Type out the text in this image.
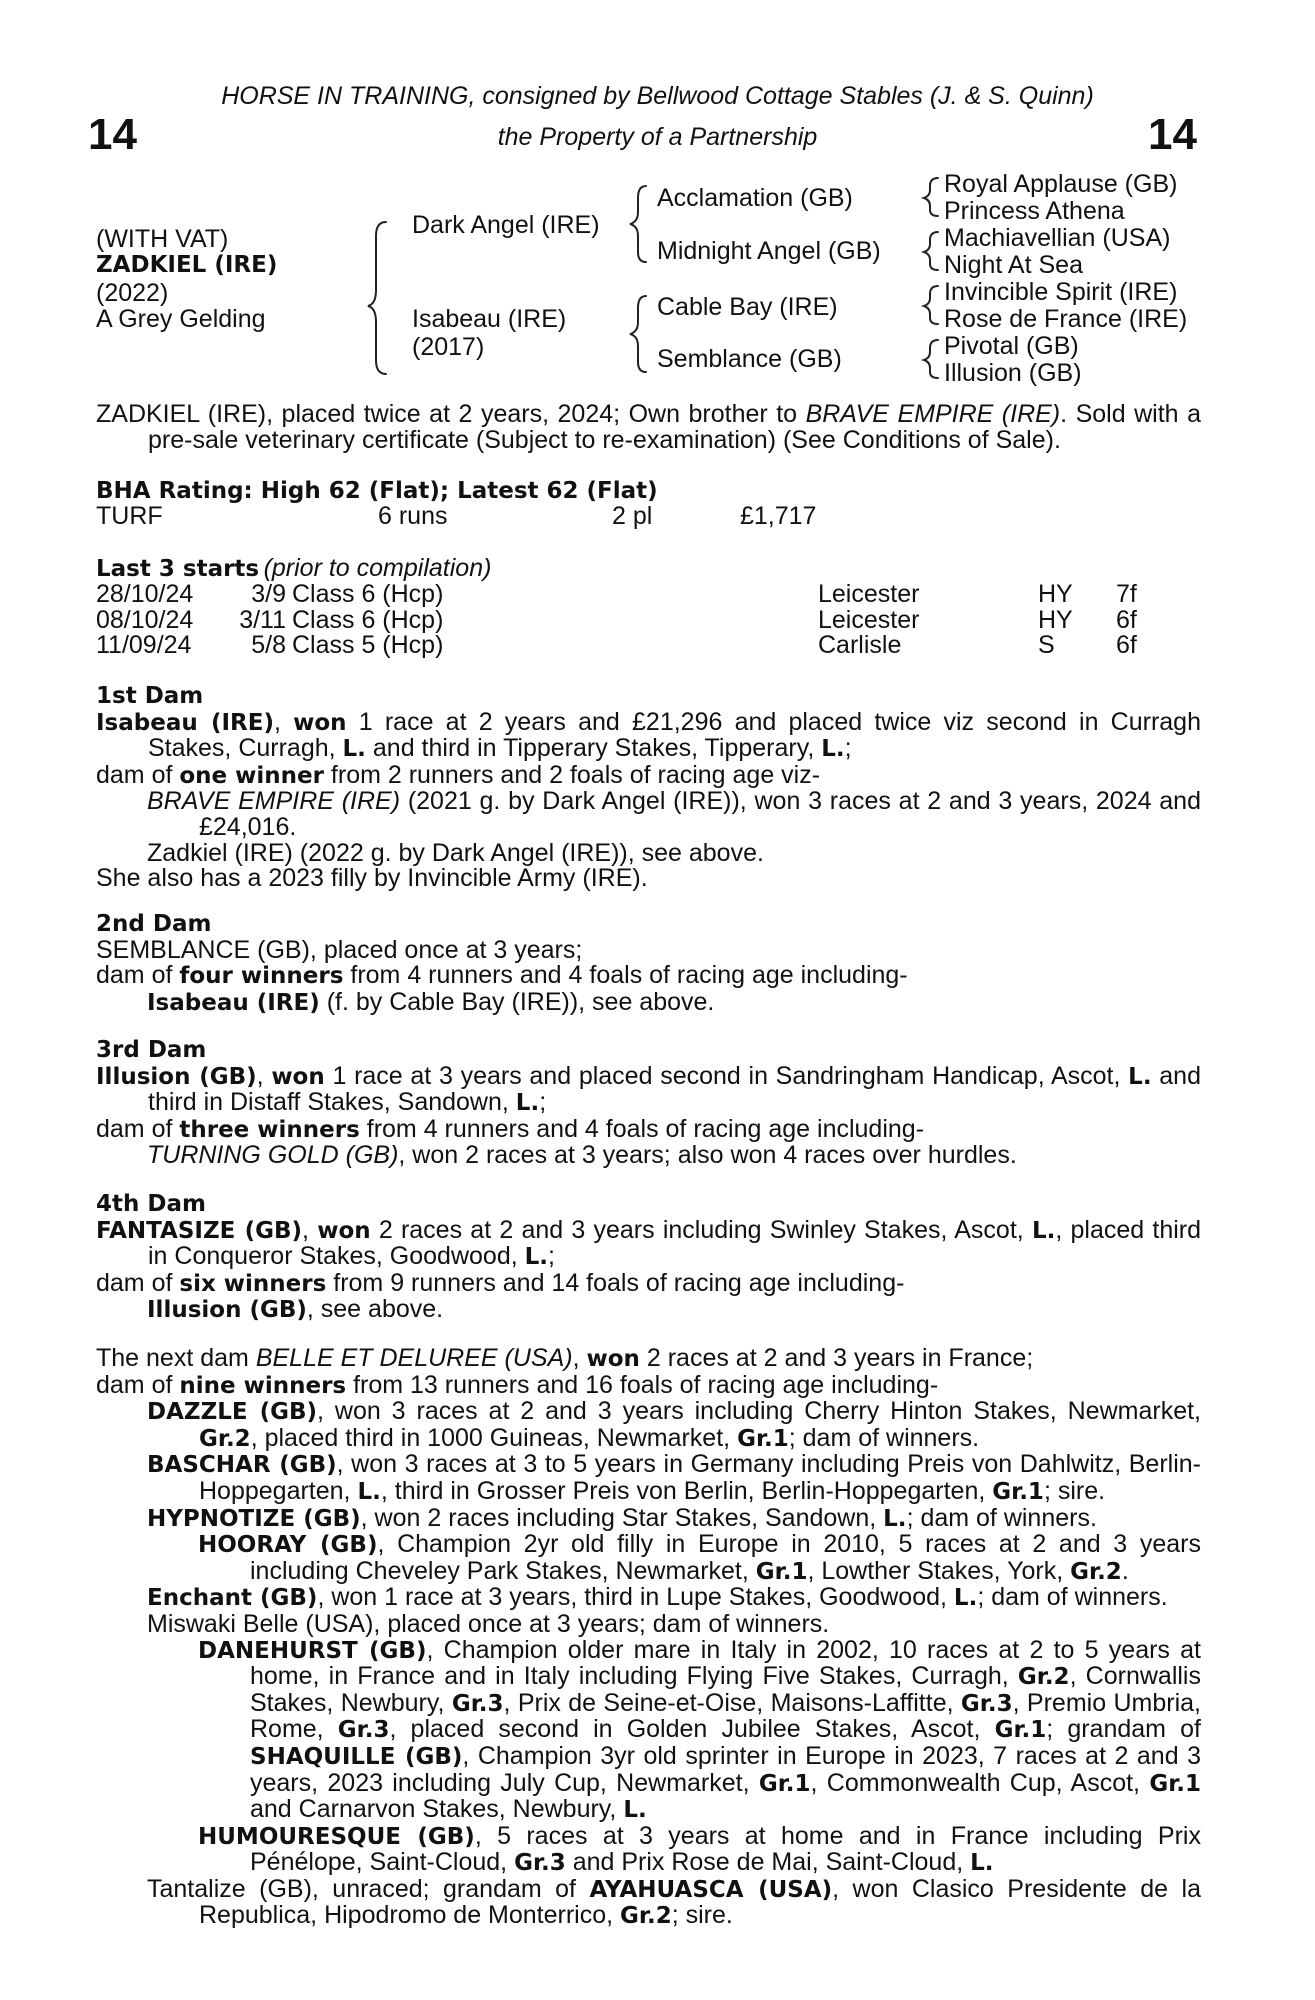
HORSE IN TRAINING, consigned by Bellwood Cottage Stables (J. & S. Quinn)
the Property of a Partnership
14	14
(WITH VAT)
ZADKIEL (IRE)
(2022)
A Grey Gelding
Dark Angel (IRE)
Isabeau (IRE)
(2017)
Acclamation (GB)
Midnight Angel (GB)
Cable Bay (IRE)
Semblance (GB)
Royal Applause (GB)
Princess Athena
Machiavellian (USA)
Night At Sea
Invincible Spirit (IRE)
Rose de France (IRE)
Pivotal (GB)
Illusion (GB)

ZADKIEL (IRE), placed twice at 2 years, 2024; Own brother to BRAVE EMPIRE (IRE). Sold with a pre-sale veterinary certificate (Subject to re-examination) (See Conditions of Sale).

BHA Rating: High 62 (Flat); Latest 62 (Flat)
TURF	6 runs	2 pl	£1,717
Last 3 starts (prior to compilation)
28/10/24	3/9 Class 6 (Hcp)	Leicester	HY 7f
08/10/24	3/11 Class 6 (Hcp)	Leicester	HY 6f
11/09/24	5/8 Class 5 (Hcp)	Carlisle	S 6f

1st Dam

Isabeau (IRE), won 1 race at 2 years and £21,296 and placed twice viz second in Curragh Stakes, Curragh, L. and third in Tipperary Stakes, Tipperary, L.;

dam of one winner from 2 runners and 2 foals of racing age viz-

BRAVE EMPIRE (IRE) (2021 g. by Dark Angel (IRE)), won 3 races at 2 and 3 years, 2024 and £24,016.

Zadkiel (IRE) (2022 g. by Dark Angel (IRE)), see above.

She also has a 2023 filly by Invincible Army (IRE).

2nd Dam

SEMBLANCE (GB), placed once at 3 years;

dam of four winners from 4 runners and 4 foals of racing age including-

Isabeau (IRE) (f. by Cable Bay (IRE)), see above.

3rd Dam

Illusion (GB), won 1 race at 3 years and placed second in Sandringham Handicap, Ascot, L. and third in Distaff Stakes, Sandown, L.;

dam of three winners from 4 runners and 4 foals of racing age including-

TURNING GOLD (GB), won 2 races at 3 years; also won 4 races over hurdles.

4th Dam

FANTASIZE (GB), won 2 races at 2 and 3 years including Swinley Stakes, Ascot, L., placed third in Conqueror Stakes, Goodwood, L.;

dam of six winners from 9 runners and 14 foals of racing age including-

Illusion (GB), see above.

The next dam BELLE ET DELUREE (USA), won 2 races at 2 and 3 years in France;

dam of nine winners from 13 runners and 16 foals of racing age including-

DAZZLE (GB), won 3 races at 2 and 3 years including Cherry Hinton Stakes, Newmarket, Gr.2, placed third in 1000 Guineas, Newmarket, Gr.1; dam of winners.

BASCHAR (GB), won 3 races at 3 to 5 years in Germany including Preis von Dahlwitz, Berlin-Hoppegarten, L., third in Grosser Preis von Berlin, Berlin-Hoppegarten, Gr.1; sire.

HYPNOTIZE (GB), won 2 races including Star Stakes, Sandown, L.; dam of winners.

HOORAY (GB), Champion 2yr old filly in Europe in 2010, 5 races at 2 and 3 years including Cheveley Park Stakes, Newmarket, Gr.1, Lowther Stakes, York, Gr.2.

Enchant (GB), won 1 race at 3 years, third in Lupe Stakes, Goodwood, L.; dam of winners.

Miswaki Belle (USA), placed once at 3 years; dam of winners.

DANEHURST (GB), Champion older mare in Italy in 2002, 10 races at 2 to 5 years at home, in France and in Italy including Flying Five Stakes, Curragh, Gr.2, Cornwallis Stakes, Newbury, Gr.3, Prix de Seine-et-Oise, Maisons-Laffitte, Gr.3, Premio Umbria, Rome, Gr.3, placed second in Golden Jubilee Stakes, Ascot, Gr.1; grandam of SHAQUILLE (GB), Champion 3yr old sprinter in Europe in 2023, 7 races at 2 and 3 years, 2023 including July Cup, Newmarket, Gr.1, Commonwealth Cup, Ascot, Gr.1 and Carnarvon Stakes, Newbury, L.

HUMOURESQUE (GB), 5 races at 3 years at home and in France including Prix Pénélope, Saint-Cloud, Gr.3 and Prix Rose de Mai, Saint-Cloud, L.

Tantalize (GB), unraced; grandam of AYAHUASCA (USA), won Clasico Presidente de la Republica, Hipodromo de Monterrico, Gr.2; sire.
